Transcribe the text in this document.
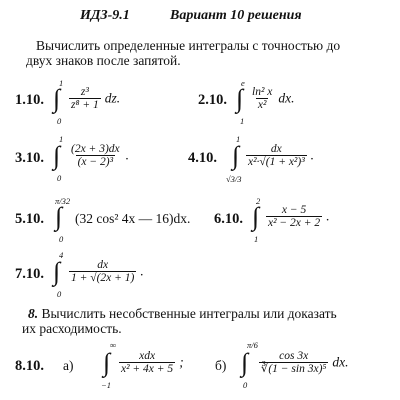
ИДЗ-9.1	Вариант 10 решения
Вычислить определенные интегралы с точностью до
двух знаков после запятой.
1.10.
1
∫
0
$\frac{\text{z³}}{\text{z⁸ + 1}}$ dz.	2.10.
e
∫
1
$\frac{\text{ln² x}}{\text{x²}}$ dx.
3.10.
1
∫
0
$\frac{(2x + 3)dx}{\text{(x − 2)³}}$ .	4.10.
1
∫
√3/3
$\frac{dx}{\text{x²·√(1 + x²)³}}$ .
5.10.
π/32
∫
0
(32 cos² 4x — 16)dx. 6.10.
2
∫
1
$\frac{x - 5}{\text{x² − 2x + 2}}$ .
7.10.
4
∫
0
$\frac{dx}{1 + √(2x + 1)}$ .
8. Вычислить несобственные интегралы или доказать
их расходимость.
8.10. а)
∞
∫
−1
$\frac{\text{xdx}}{\text{x² + 4x + 5}}$ ; б)
π/6
∫
0
$\frac{\cos 3x}{\text{∛(1 − sin 3x)⁵}}$ dx.
